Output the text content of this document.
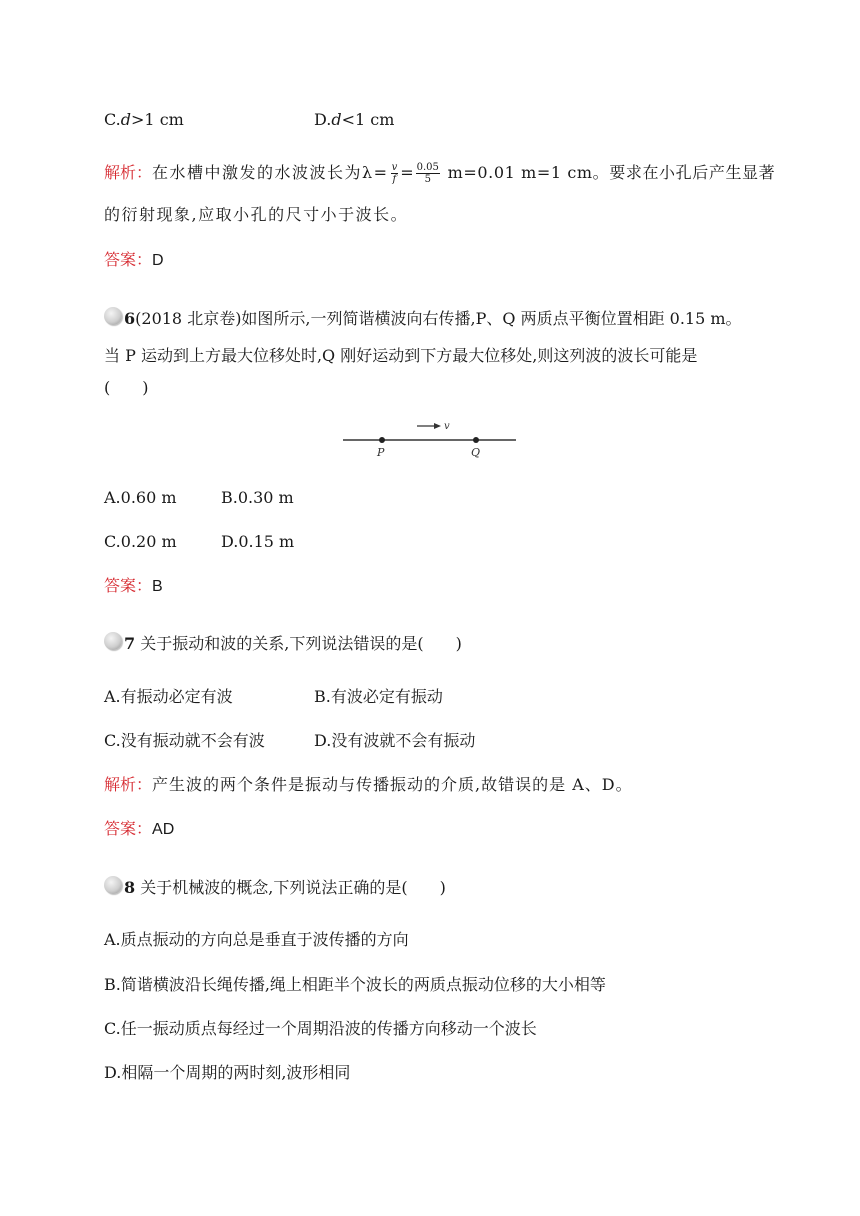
C.d>1 cm	D.d<1 cm
解析：在水槽中激发的水波波长为$\lambda= \frac{v}{f} = \frac{0.05}{5} m=0.01$ m=1 cm。要求在小孔后产生显著
的衍射现象,应取小孔的尺寸小于波长。
答案：D
6(2018 北京卷)如图所示,一列简谐横波向右传播,P、Q 两质点平衡位置相距 0.15 m。
当 P 运动到上方最大位移处时,Q 刚好运动到下方最大位移处,则这列波的波长可能是
(　　)
v
P	Q
A.0.60 m	B.0.30 m
C.0.20 m	D.0.15 m
答案：B
7 关于振动和波的关系,下列说法错误的是(　　)
A.有振动必定有波	B.有波必定有振动
C.没有振动就不会有波	D.没有波就不会有振动
解析：产生波的两个条件是振动与传播振动的介质,故错误的是 A、D。
答案：AD
8 关于机械波的概念,下列说法正确的是(　　)
A.质点振动的方向总是垂直于波传播的方向
B.简谐横波沿长绳传播,绳上相距半个波长的两质点振动位移的大小相等
C.任一振动质点每经过一个周期沿波的传播方向移动一个波长
D.相隔一个周期的两时刻,波形相同
